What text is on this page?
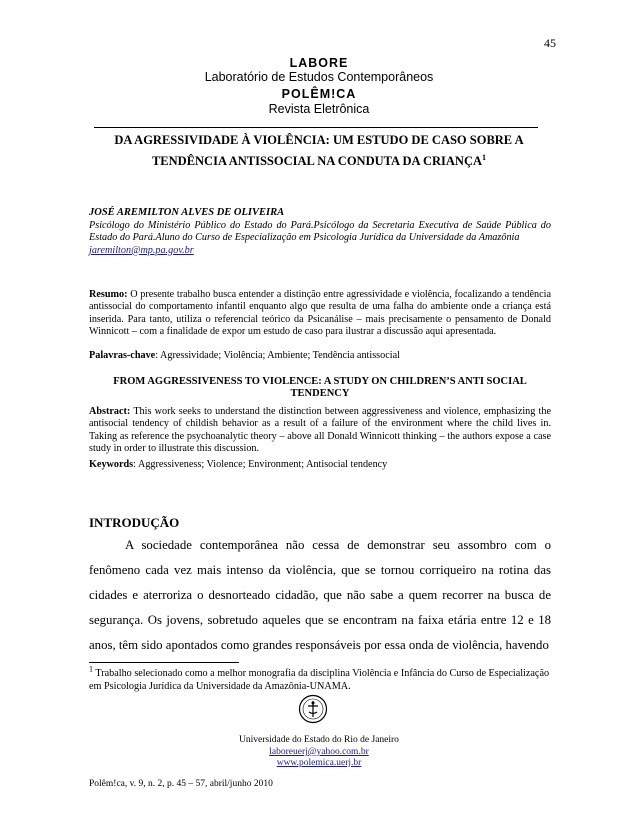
45
LABORE
Laboratório de Estudos Contemporâneos
POLÊM!CA
Revista Eletrônica
DA AGRESSIVIDADE À VIOLÊNCIA: UM ESTUDO DE CASO SOBRE A
TENDÊNCIA ANTISSOCIAL NA CONDUTA DA CRIANÇA$^1$
JOSÉ AREMILTON ALVES DE OLIVEIRA
Psicólogo do Ministério Público do Estado do Pará.Psicólogo da Secretaria Executiva de Saúde Pública do Estado do Pará.Aluno do Curso de Especialização em Psicologia Jurídica da Universidade da Amazônia
jaremilton@mp.pa.gov.br
Resumo: O presente trabalho busca entender a distinção entre agressividade e violência, focalizando a tendência antissocial do comportamento infantil enquanto algo que resulta de uma falha do ambiente onde a criança está inserida. Para tanto, utiliza o referencial teórico da Psicanálise – mais precisamente o pensamento de Donald Winnicott – com a finalidade de expor um estudo de caso para ilustrar a discussão aqui apresentada.
Palavras-chave: Agressividade; Violência; Ambiente; Tendência antissocial
FROM AGGRESSIVENESS TO VIOLENCE: A STUDY ON CHILDREN’S ANTI SOCIAL
TENDENCY
Abstract: This work seeks to understand the distinction between aggressiveness and violence, emphasizing the antisocial tendency of childish behavior as a result of a failure of the environment where the child lives in. Taking as reference the psychoanalytic theory – above all Donald Winnicott thinking – the authors expose a case study in order to illustrate this discussion.
Keywords: Aggressiveness; Violence; Environment; Antisocial tendency
INTRODUÇÃO

A sociedade contemporânea não cessa de demonstrar seu assombro com o fenômeno cada vez mais intenso da violência, que se tornou corriqueiro na rotina das cidades e aterroriza o desnorteado cidadão, que não sabe a quem recorrer na busca de segurança. Os jovens, sobretudo aqueles que se encontram na faixa etária entre 12 e 18 anos, têm sido apontados como grandes responsáveis por essa onda de violência, havendo

$^1$ Trabalho selecionado como a melhor monografia da disciplina Violência e Infância do Curso de Especialização em Psicologia Jurídica da Universidade da Amazônia-UNAMA.
Universidade do Estado do Rio de Janeiro
laboreuerj@yahoo.com.br
www.polemica.uerj.br
Polêm!ca, v. 9, n. 2, p. 45 – 57, abril/junho 2010
